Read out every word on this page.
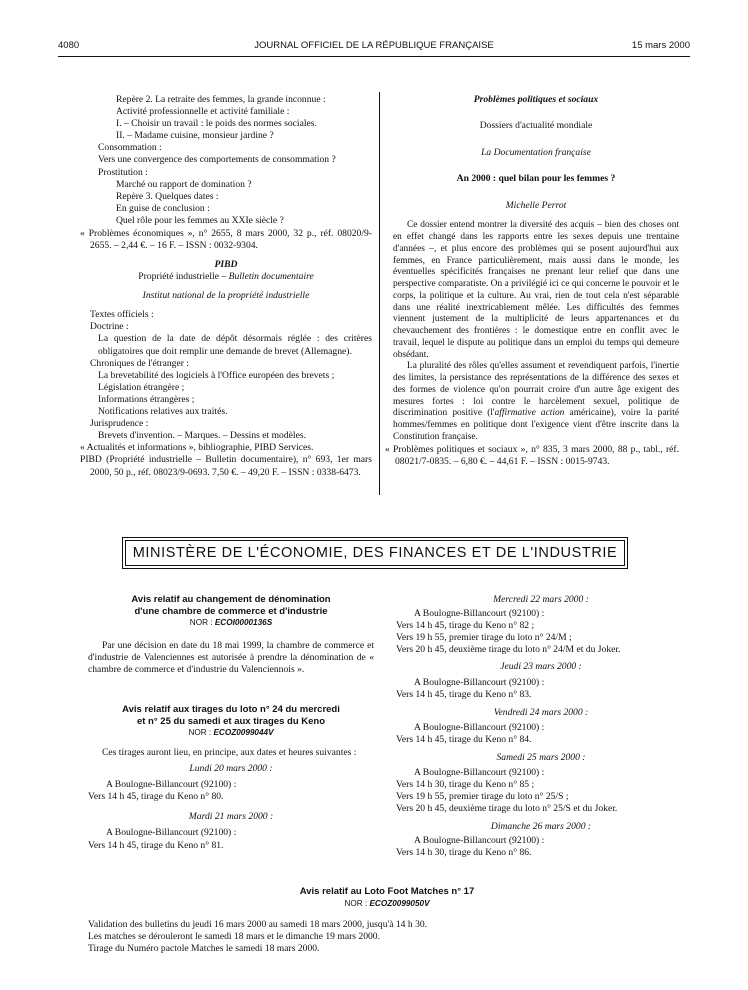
4080	JOURNAL OFFICIEL DE LA RÉPUBLIQUE FRANÇAISE	15 mars 2000
Repère 2. La retraite des femmes, la grande inconnue :
Activité professionnelle et activité familiale :
I. – Choisir un travail : le poids des normes sociales.
II. – Madame cuisine, monsieur jardine ?
Consommation :
Vers une convergence des comportements de consommation ?
Prostitution :
Marché ou rapport de domination ?
Repère 3. Quelques dates :
En guise de conclusion :
Quel rôle pour les femmes au XXIe siècle ?
« Problèmes économiques », n° 2655, 8 mars 2000, 32 p., réf. 08020/9-2655. – 2,44 €. – 16 F. – ISSN : 0032-9304.
PIBD
Propriété industrielle – Bulletin documentaire
Institut national de la propriété industrielle
Textes officiels :
Doctrine :
La question de la date de dépôt désormais réglée : des critères obligatoires que doit remplir une demande de brevet (Allemagne).
Chroniques de l'étranger :
La brevetabilité des logiciels à l'Office européen des brevets ;
Législation étrangère ;
Informations étrangères ;
Notifications relatives aux traités.
Jurisprudence :
Brevets d'invention. – Marques. – Dessins et modèles.
« Actualités et informations », bibliographie, PIBD Services.
PIBD (Propriété industrielle – Bulletin documentaire), n° 693, 1er mars 2000, 50 p., réf. 08023/9-0693. 7,50 €. – 49,20 F. – ISSN : 0338-6473.
Problèmes politiques et sociaux
Dossiers d'actualité mondiale
La Documentation française
An 2000 : quel bilan pour les femmes ?
Michelle Perrot
Ce dossier entend montrer la diversité des acquis – bien des choses ont en effet changé dans les rapports entre les sexes depuis une trentaine d'années –, et plus encore des problèmes qui se posent aujourd'hui aux femmes, en France particulièrement, mais aussi dans le monde, les éventuelles spécificités françaises ne prenant leur relief que dans une perspective comparatiste. On a privilégié ici ce qui concerne le pouvoir et le corps, la politique et la culture. Au vrai, rien de tout cela n'est séparable dans une réalité inextricablement mêlée. Les difficultés des femmes viennent justement de la multiplicité de leurs appartenances et du chevauchement des frontières : le domestique entre en conflit avec le travail, lequel le dispute au politique dans un emploi du temps qui demeure obsédant.
La pluralité des rôles qu'elles assument et revendiquent parfois, l'inertie des limites, la persistance des représentations de la différence des sexes et des formes de violence qu'on pourrait croire d'un autre âge exigent des mesures fortes : loi contre le harcèlement sexuel, politique de discrimination positive (l'affirmative action américaine), voire la parité hommes/femmes en politique dont l'exigence vient d'être inscrite dans la Constitution française.
« Problèmes politiques et sociaux », n° 835, 3 mars 2000, 88 p., tabl., réf. 08021/7-0835. – 6,80 €. – 44,61 F. – ISSN : 0015-9743.
MINISTÈRE DE L'ÉCONOMIE, DES FINANCES ET DE L'INDUSTRIE
Avis relatif au changement de dénomination
d'une chambre de commerce et d'industrie
NOR : ECOI0000136S
Par une décision en date du 18 mai 1999, la chambre de commerce et d'industrie de Valenciennes est autorisée à prendre la dénomination de « chambre de commerce et d'industrie du Valenciennois ».
Avis relatif aux tirages du loto n° 24 du mercredi
et n° 25 du samedi et aux tirages du Keno
NOR : ECOZ0099044V
Ces tirages auront lieu, en principe, aux dates et heures suivantes :
Lundi 20 mars 2000 :
A Boulogne-Billancourt (92100) :
Vers 14 h 45, tirage du Keno n° 80.
Mardi 21 mars 2000 :
A Boulogne-Billancourt (92100) :
Vers 14 h 45, tirage du Keno n° 81.
Mercredi 22 mars 2000 :
A Boulogne-Billancourt (92100) :
Vers 14 h 45, tirage du Keno n° 82 ;
Vers 19 h 55, premier tirage du loto n° 24/M ;
Vers 20 h 45, deuxième tirage du loto n° 24/M et du Joker.
Jeudi 23 mars 2000 :
A Boulogne-Billancourt (92100) :
Vers 14 h 45, tirage du Keno n° 83.
Vendredi 24 mars 2000 :
A Boulogne-Billancourt (92100) :
Vers 14 h 45, tirage du Keno n° 84.
Samedi 25 mars 2000 :
A Boulogne-Billancourt (92100) :
Vers 14 h 30, tirage du Keno n° 85 ;
Vers 19 h 55, premier tirage du loto n° 25/S ;
Vers 20 h 45, deuxième tirage du loto n° 25/S et du Joker.
Dimanche 26 mars 2000 :
A Boulogne-Billancourt (92100) :
Vers 14 h 30, tirage du Keno n° 86.
Avis relatif au Loto Foot Matches n° 17
NOR : ECOZ0099050V
Validation des bulletins du jeudi 16 mars 2000 au samedi 18 mars 2000, jusqu'à 14 h 30.
Les matches se dérouleront le samedi 18 mars et le dimanche 19 mars 2000.
Tirage du Numéro pactole Matches le samedi 18 mars 2000.
